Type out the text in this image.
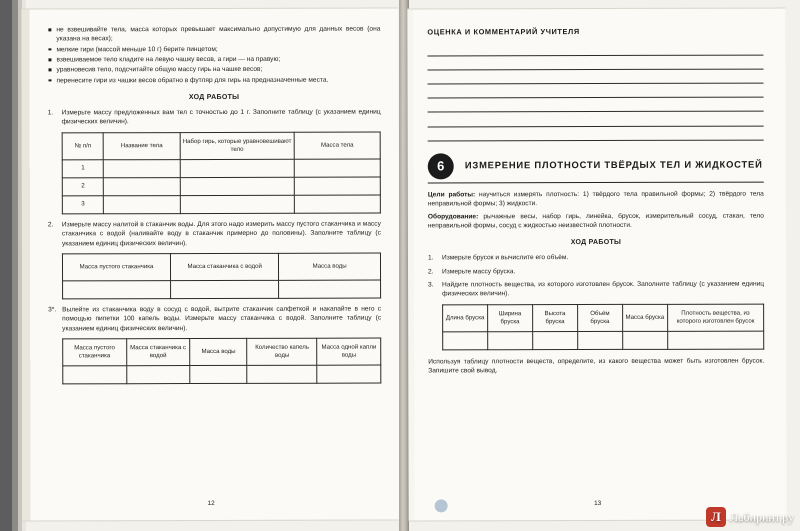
не взвешивайте тела, масса которых превышает максимально допустимую для данных весов (она указана на весах);
мелкие гири (массой меньше 10 г) берите пинцетом;
взвешиваемое тело кладите на левую чашку весов, а гири — на правую;
уравновесив тело, подсчитайте общую массу гирь на чашке весов;
перенесите гири из чашки весов обратно в футляр для гирь на предназначенные места.
ХОД РАБОТЫ
1. Измерьте массу предложенных вам тел с точностью до 1 г. Заполните таблицу (с указанием единиц физических величин).
№ п/п	Название тела	Набор гирь, которые уравновешивают тело	Масса тела
1			
2			
3			
2. Измерьте массу налитой в стаканчик воды. Для этого надо измерить массу пустого стаканчика и массу стаканчика с водой (наливайте воду в стаканчик примерно до половины). Заполните таблицу (с указанием единиц физических величин).
Масса пустого стаканчика	Масса стаканчика с водой	Масса воды

3*. Вылейте из стаканчика воду в сосуд с водой, вытрите стаканчик салфеткой и накапайте в него с помощью пипетки 100 капель воды. Измерьте массу стаканчика с водой. Заполните таблицу (с указанием единиц физических величин).
Масса пустого стаканчика	Масса стаканчика с водой	Масса воды	Количество капель воды	Масса одной капли воды

12
ОЦЕНКА И КОММЕНТАРИЙ УЧИТЕЛЯ
6	ИЗМЕРЕНИЕ ПЛОТНОСТИ ТВЁРДЫХ ТЕЛ И ЖИДКОСТЕЙ
Цели работы: научиться измерять плотность: 1) твёрдого тела правильной формы; 2) твёрдого тела неправильной формы; 3) жидкости.
Оборудование: рычажные весы, набор гирь, линейка, брусок, измерительный сосуд, стакан, тело неправильной формы, сосуд с жидкостью неизвестной плотности.
ХОД РАБОТЫ
1. Измерьте брусок и вычислите его объём.
2. Измерьте массу бруска.
3. Найдите плотность вещества, из которого изготовлен брусок. Заполните таблицу (с указанием единиц физических величин).
Длина бруска	Ширина бруска	Высота бруска	Объём бруска	Масса бруска	Плотность вещества, из которого изготовлен брусок

Используя таблицу плотности веществ, определите, из какого вещества может быть изготовлен брусок. Запишите свой вывод.
13
Л Лабиринт.ру
